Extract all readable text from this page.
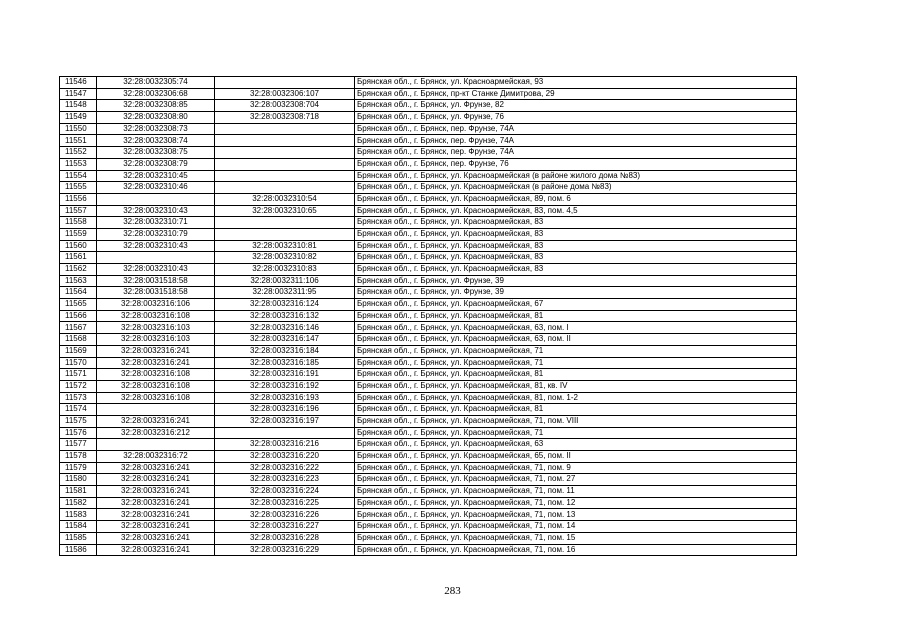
11546	32:28:0032305:74		Брянская обл., г. Брянск, ул. Красноармейская, 93
11547	32:28:0032306:68	32:28:0032306:107	Брянская обл., г. Брянск, пр-кт Станке Димитрова, 29
11548	32:28:0032308:85	32:28:0032308:704	Брянская обл., г. Брянск, ул. Фрунзе, 82
11549	32:28:0032308:80	32:28:0032308:718	Брянская обл., г. Брянск, ул. Фрунзе, 76
11550	32:28:0032308:73		Брянская обл., г. Брянск, пер. Фрунзе, 74А
11551	32:28:0032308:74		Брянская обл., г. Брянск, пер. Фрунзе, 74А
11552	32:28:0032308:75		Брянская обл., г. Брянск, пер. Фрунзе, 74А
11553	32:28:0032308:79		Брянская обл., г. Брянск, пер. Фрунзе, 76
11554	32:28:0032310:45		Брянская обл., г. Брянск, ул. Красноармейская (в районе жилого дома №83)
11555	32:28:0032310:46		Брянская обл., г. Брянск, ул. Красноармейская (в районе дома №83)
11556		32:28:0032310:54	Брянская обл., г. Брянск, ул. Красноармейская, 89, пом. 6
11557	32:28:0032310:43	32:28:0032310:65	Брянская обл., г. Брянск, ул. Красноармейская, 83, пом. 4,5
11558	32:28:0032310:71		Брянская обл., г. Брянск, ул. Красноармейская, 83
11559	32:28:0032310:79		Брянская обл., г. Брянск, ул. Красноармейская, 83
11560	32:28:0032310:43	32:28:0032310:81	Брянская обл., г. Брянск, ул. Красноармейская, 83
11561		32:28:0032310:82	Брянская обл., г. Брянск, ул. Красноармейская, 83
11562	32:28:0032310:43	32:28:0032310:83	Брянская обл., г. Брянск, ул. Красноармейская, 83
11563	32:28:0031518:58	32:28:0032311:106	Брянская обл., г. Брянск, ул. Фрунзе, 39
11564	32:28:0031518:58	32:28:0032311:95	Брянская обл., г. Брянск, ул. Фрунзе, 39
11565	32:28:0032316:106	32:28:0032316:124	Брянская обл., г. Брянск, ул. Красноармейская, 67
11566	32:28:0032316:108	32:28:0032316:132	Брянская обл., г. Брянск, ул. Красноармейская, 81
11567	32:28:0032316:103	32:28:0032316:146	Брянская обл., г. Брянск, ул. Красноармейская, 63, пом. I
11568	32:28:0032316:103	32:28:0032316:147	Брянская обл., г. Брянск, ул. Красноармейская, 63, пом. II
11569	32:28:0032316:241	32:28:0032316:184	Брянская обл., г. Брянск, ул. Красноармейская, 71
11570	32:28:0032316:241	32:28:0032316:185	Брянская обл., г. Брянск, ул. Красноармейская, 71
11571	32:28:0032316:108	32:28:0032316:191	Брянская обл., г. Брянск, ул. Красноармейская, 81
11572	32:28:0032316:108	32:28:0032316:192	Брянская обл., г. Брянск, ул. Красноармейская, 81, кв. IV
11573	32:28:0032316:108	32:28:0032316:193	Брянская обл., г. Брянск, ул. Красноармейская, 81, пом. 1-2
11574		32:28:0032316:196	Брянская обл., г. Брянск, ул. Красноармейская, 81
11575	32:28:0032316:241	32:28:0032316:197	Брянская обл., г. Брянск, ул. Красноармейская, 71, пом. VIII
11576	32:28:0032316:212		Брянская обл., г. Брянск, ул. Красноармейская, 71
11577		32:28:0032316:216	Брянская обл., г. Брянск, ул. Красноармейская, 63
11578	32:28:0032316:72	32:28:0032316:220	Брянская обл., г. Брянск, ул. Красноармейская, 65, пом. II
11579	32:28:0032316:241	32:28:0032316:222	Брянская обл., г. Брянск, ул. Красноармейская, 71, пом. 9
11580	32:28:0032316:241	32:28:0032316:223	Брянская обл., г. Брянск, ул. Красноармейская, 71, пом. 27
11581	32:28:0032316:241	32:28:0032316:224	Брянская обл., г. Брянск, ул. Красноармейская, 71, пом. 11
11582	32:28:0032316:241	32:28:0032316:225	Брянская обл., г. Брянск, ул. Красноармейская, 71, пом. 12
11583	32:28:0032316:241	32:28:0032316:226	Брянская обл., г. Брянск, ул. Красноармейская, 71, пом. 13
11584	32:28:0032316:241	32:28:0032316:227	Брянская обл., г. Брянск, ул. Красноармейская, 71, пом. 14
11585	32:28:0032316:241	32:28:0032316:228	Брянская обл., г. Брянск, ул. Красноармейская, 71, пом. 15
11586	32:28:0032316:241	32:28:0032316:229	Брянская обл., г. Брянск, ул. Красноармейская, 71, пом. 16
283
